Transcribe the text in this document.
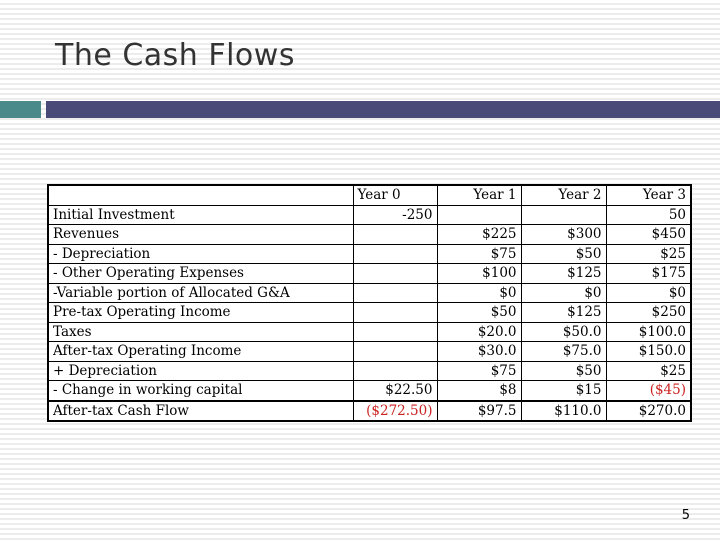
The Cash Flows
	Year 0	Year 1	Year 2	Year 3
Initial Investment	-250			50
Revenues		$225	$300	$450
- Depreciation		$75	$50	$25
- Other Operating Expenses		$100	$125	$175
-Variable portion of Allocated G&A		$0	$0	$0
Pre-tax Operating Income		$50	$125	$250
Taxes		$20.0	$50.0	$100.0
After-tax Operating Income		$30.0	$75.0	$150.0
+ Depreciation		$75	$50	$25
- Change in working capital	$22.50	$8	$15	($45)
After-tax Cash Flow	($272.50)	$97.5	$110.0	$270.0
5
